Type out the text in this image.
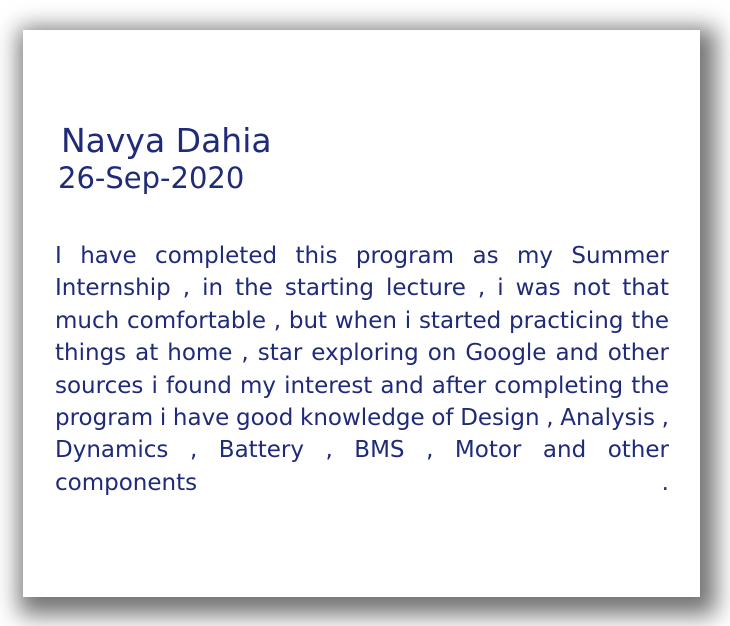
Navya Dahia
26-Sep-2020

I have completed this program as my Summer Internship , in the starting lecture , i was not that much comfortable , but when i started practicing the things at home , star exploring on Google and other sources i found my interest and after completing the program i have good knowledge of Design , Analysis , Dynamics , Battery , BMS , Motor and other components .
